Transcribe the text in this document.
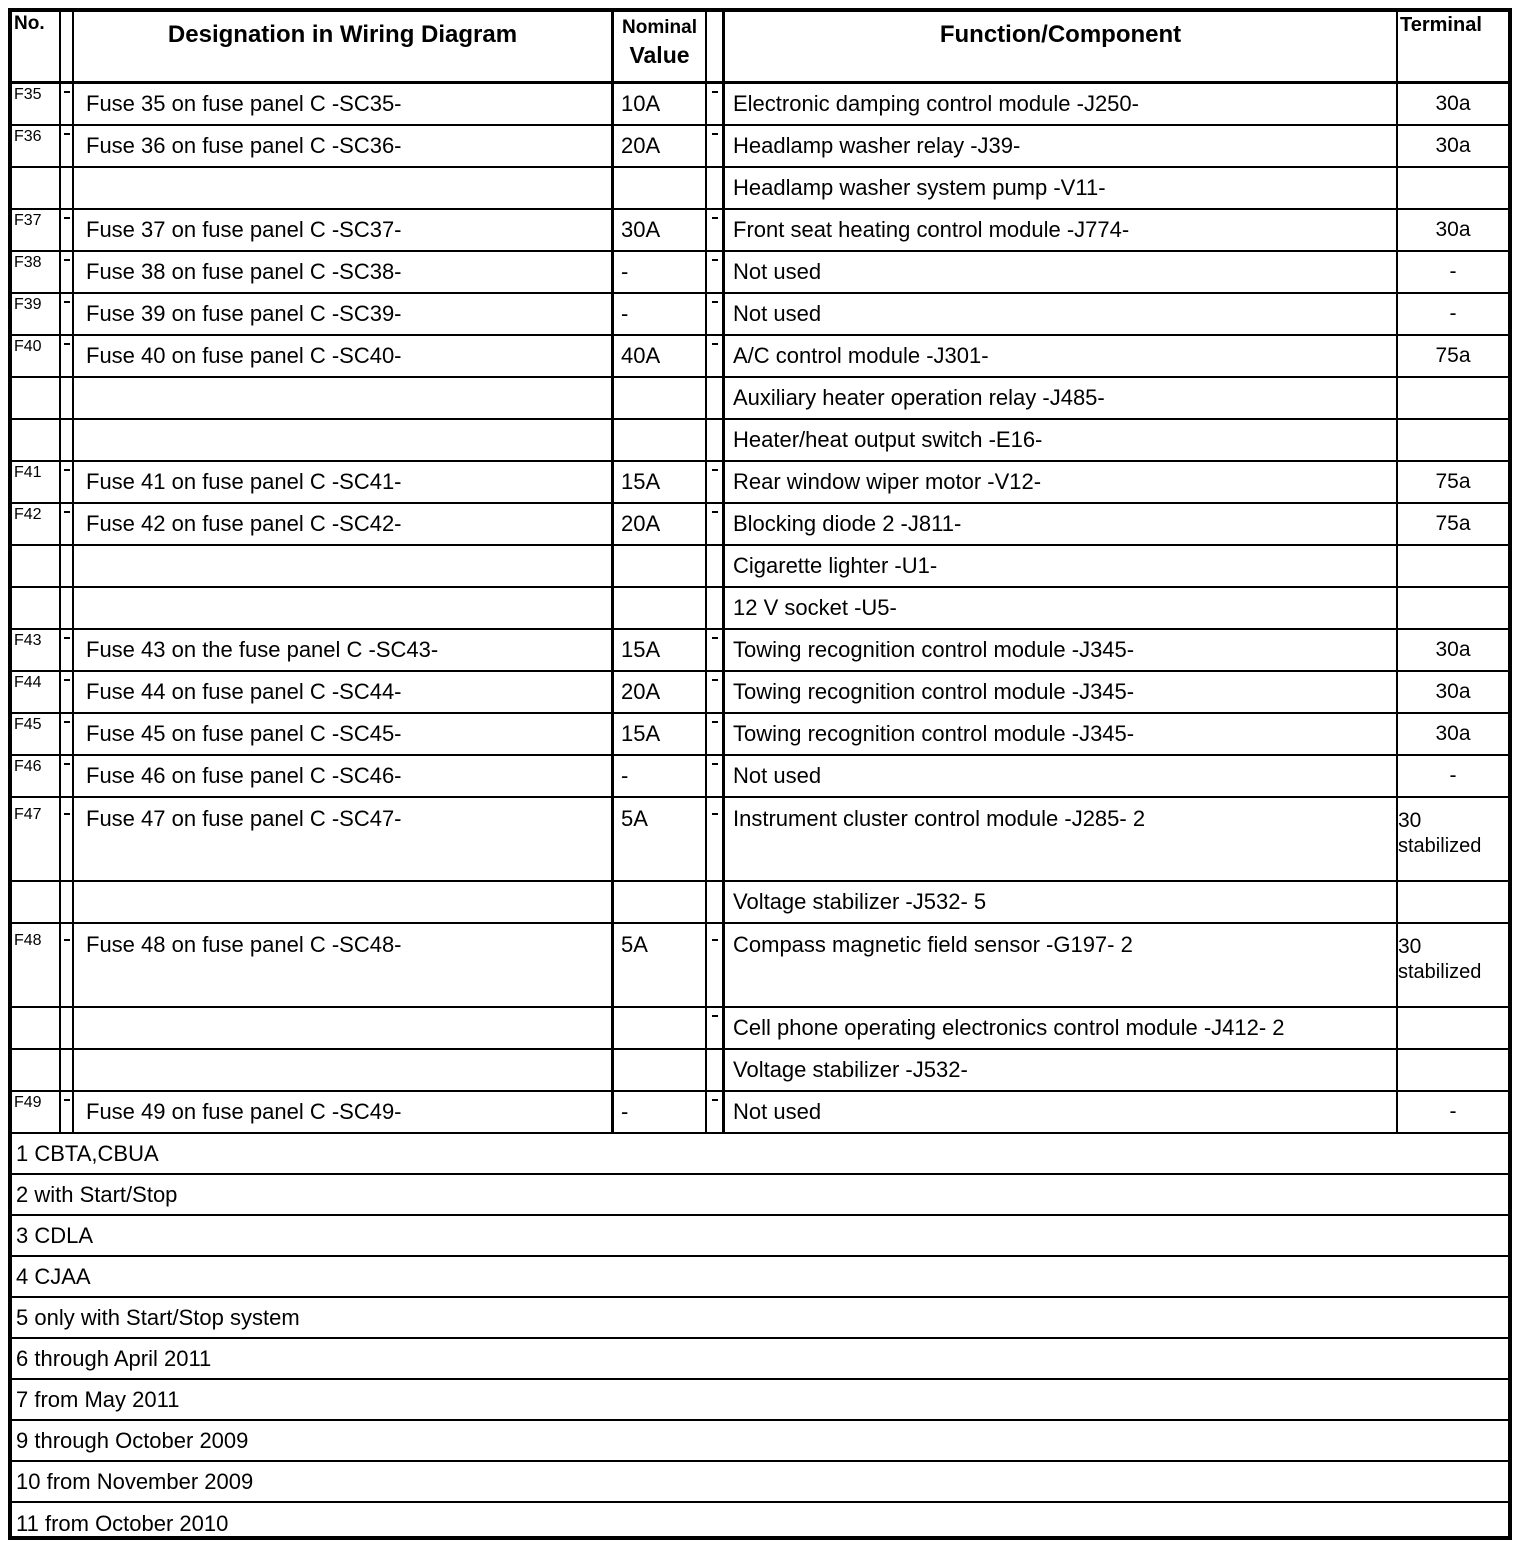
No.	Designation in Wiring Diagram	Nominal
Value
Function/Component	Terminal
F35 Fuse 35 on fuse panel C -SC35-	10A	Electronic damping control module -J250-	30a
F36 Fuse 36 on fuse panel C -SC36-	20A	Headlamp washer relay -J39-	30a
Headlamp washer system pump -V11-
F37 Fuse 37 on fuse panel C -SC37-	30A	Front seat heating control module -J774-	30a
F38 Fuse 38 on fuse panel C -SC38-	-	Not used	-
F39 Fuse 39 on fuse panel C -SC39-	-	Not used	-
F40 Fuse 40 on fuse panel C -SC40-	40A	A/C control module -J301-	75a
Auxiliary heater operation relay -J485-
Heater/heat output switch -E16-
F41 Fuse 41 on fuse panel C -SC41-	15A	Rear window wiper motor -V12-	75a
F42 Fuse 42 on fuse panel C -SC42-	20A	Blocking diode 2 -J811-	75a
Cigarette lighter -U1-
12 V socket -U5-
F43 Fuse 43 on the fuse panel C -SC43-	15A	Towing recognition control module -J345-	30a
F44 Fuse 44 on fuse panel C -SC44-	20A	Towing recognition control module -J345-	30a
F45 Fuse 45 on fuse panel C -SC45-	15A	Towing recognition control module -J345-	30a
F46 Fuse 46 on fuse panel C -SC46-	-	Not used	-
F47 Fuse 47 on fuse panel C -SC47-	5A	Instrument cluster control module -J285- 2	30
stabilized
Voltage stabilizer -J532- 5
F48 Fuse 48 on fuse panel C -SC48-	5A	Compass magnetic field sensor -G197- 2	30
stabilized
Cell phone operating electronics control module -J412- 2
Voltage stabilizer -J532-
F49 Fuse 49 on fuse panel C -SC49-	-	Not used	-
1 CBTA,CBUA
2 with Start/Stop
3 CDLA
4 CJAA
5 only with Start/Stop system
6 through April 2011
7 from May 2011
9 through October 2009
10 from November 2009
11 from October 2010
